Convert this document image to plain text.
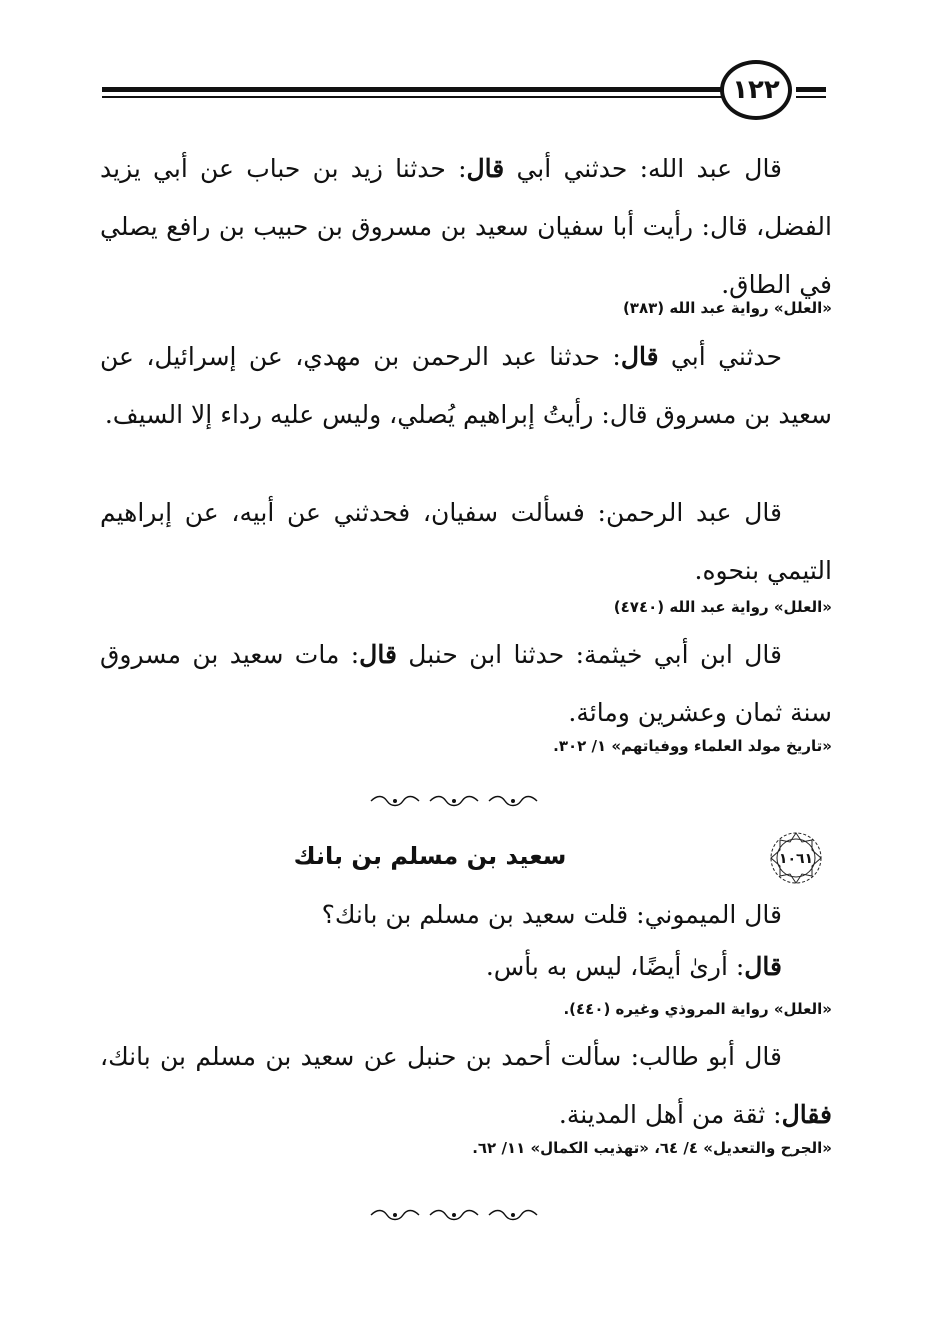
١٢٢
قال عبد الله: حدثني أبي قال: حدثنا زيد بن حباب عن أبي يزيد الفضل، قال: رأيت أبا سفيان سعيد بن مسروق بن حبيب بن رافع يصلي في الطاق.
«العلل» رواية عبد الله (٣٨٣)
حدثني أبي قال: حدثنا عبد الرحمن بن مهدي، عن إسرائيل، عن سعيد بن مسروق قال: رأيتُ إبراهيم يُصلي، وليس عليه رداء إلا السيف.
قال عبد الرحمن: فسألت سفيان، فحدثني عن أبيه، عن إبراهيم التيمي بنحوه.
«العلل» رواية عبد الله (٤٧٤٠)
قال ابن أبي خيثمة: حدثنا ابن حنبل قال: مات سعيد بن مسروق سنة ثمان وعشرين ومائة.
«تاريخ مولد العلماء ووفياتهم» ١/ ٣٠٢.
١٠٦١
سعيد بن مسلم بن بانك
قال الميموني: قلت سعيد بن مسلم بن بانك؟
قال: أرىٰ أيضًا، ليس به بأس.
«العلل» رواية المروذي وغيره (٤٤٠).
قال أبو طالب: سألت أحمد بن حنبل عن سعيد بن مسلم بن بانك، فقال: ثقة من أهل المدينة.
«الجرح والتعديل» ٤/ ٦٤، «تهذيب الكمال» ١١/ ٦٢.
